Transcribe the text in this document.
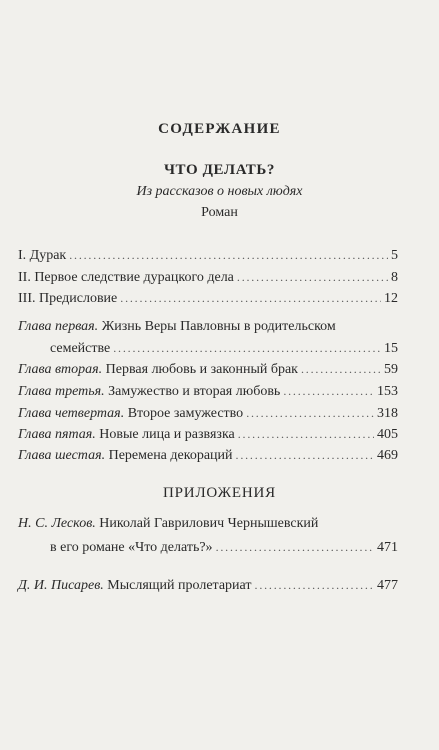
СОДЕРЖАНИЕ
ЧТО ДЕЛАТЬ?
Из рассказов о новых людях
Роман
I. Дурак .....	5
II. Первое следствие дурацкого дела .....	8
III. Предисловие .....	12
Глава первая. Жизнь Веры Павловны в родительском
семействе .....	15
Глава вторая. Первая любовь и законный брак .....	59
Глава третья. Замужество и вторая любовь .....	153
Глава четвертая. Второе замужество .....	318
Глава пятая. Новые лица и развязка .....	405
Глава шестая. Перемена декораций .....	469
ПРИЛОЖЕНИЯ
Н. С. Лесков. Николай Гаврилович Чернышевский
в его романе «Что делать?» .....	471
Д. И. Писарев. Мыслящий пролетариат .....	477
